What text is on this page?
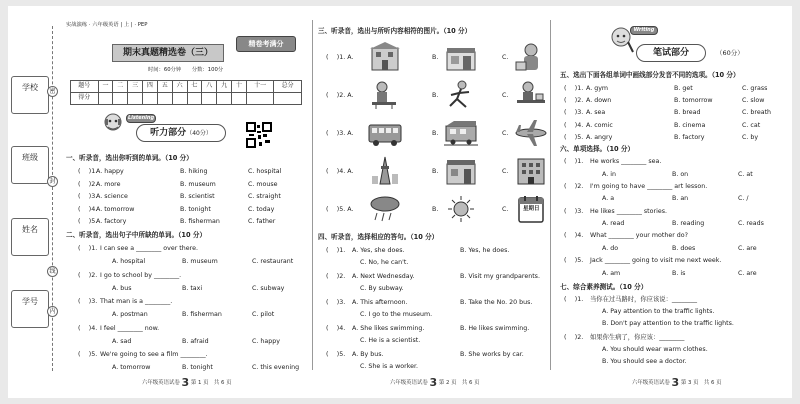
学校
班级
姓名
学号
密
封
线
内
实战演练 · 六年级英语 | 上 | · PEP
期末真题精选卷（三）
精卷考满分
时间：60分钟　　分数：100分
题号	一	二	三	四	五	六	七	八	九	十	十一	总分
得分												
Listening
听力部分（40分）
一、听录音，选出你听到的单词。（10 分）
( 　)1.
A. happy	B. hiking	C. hospital
( 　)2.
A. more	B. museum	C. mouse
( 　)3.
A. science	B. scientist	C. straight
( 　)4.
A. tomorrow	B. tonight	C. today
( 　)5.
A. factory	B. fisherman	C. father
二、听录音，选出句子中所缺的单词。（10 分）
( 　)1. I can see a ________ over there.
A. hospital	B. museum	C. restaurant
( 　)2. I go to school by ________.
A. bus	B. taxi	C. subway
( 　)3. That man is a ________.
A. postman	B. fisherman	C. pilot
( 　)4. I feel ________ now.
A. sad	B. afraid	C. happy
( 　)5. We're going to see a film ________.
A. tomorrow	B. tonight	C. this evening
六年级英语试卷 3 第 1 页　共 6 页
三、听录音，选出与所听内容相符的图片。（10 分）
( 　)1. A.	B.	C.
( 　)2. A.	B.	C.
( 　)3. A.	B.	C.
( 　)4. A.	B.	C.
( 　)5. A.	B.	C.	星期日
四、听录音，选择相应的答句。（10 分）
( 　)1. A. Yes, she does.	B. Yes, he does.
C. No, he can't.
( 　)2. A. Next Wednesday.	B. Visit my grandparents.
C. By subway.
( 　)3. A. This afternoon.	B. Take the No. 20 bus.
C. I go to the museum.
( 　)4. A. She likes swimming.	B. He likes swimming.
C. He is a scientist.
( 　)5. A. By bus.	B. She works by car.
C. She is a worker.
六年级英语试卷 3 第 2 页　共 6 页
Writing
笔试部分	（60分）
五、选出下面各组单词中画线部分发音不同的选项。（10 分）
( 　)1. A. gym	B. get	C. grass
( 　)2. A. down	B. tomorrow	C. slow
( 　)3. A. sea	B. bread	C. breath
( 　)4. A. comic	B. cinema	C. cat
( 　)5. A. angry	B. factory	C. by
六、单项选择。（10 分）
( 　)1. He works ________ sea.
A. in	B. on	C. at
( 　)2. I'm going to have ________ art lesson.
A. a	B. an	C. /
( 　)3. He likes ________ stories.
A. read	B. reading	C. reads
( 　)4. What ________ your mother do?
A. do	B. does	C. are
( 　)5. Jack ________ going to visit me next week.
A. am	B. is	C. are
七、综合素养测试。（10 分）
( 　)1. 当你在过马路时，你应该说：________
A. Pay attention to the traffic lights.
B. Don't pay attention to the traffic lights.
( 　)2. 如果你生病了，你应该：________
A. You should wear warm clothes.
B. You should see a doctor.
六年级英语试卷 3 第 3 页　共 6 页
